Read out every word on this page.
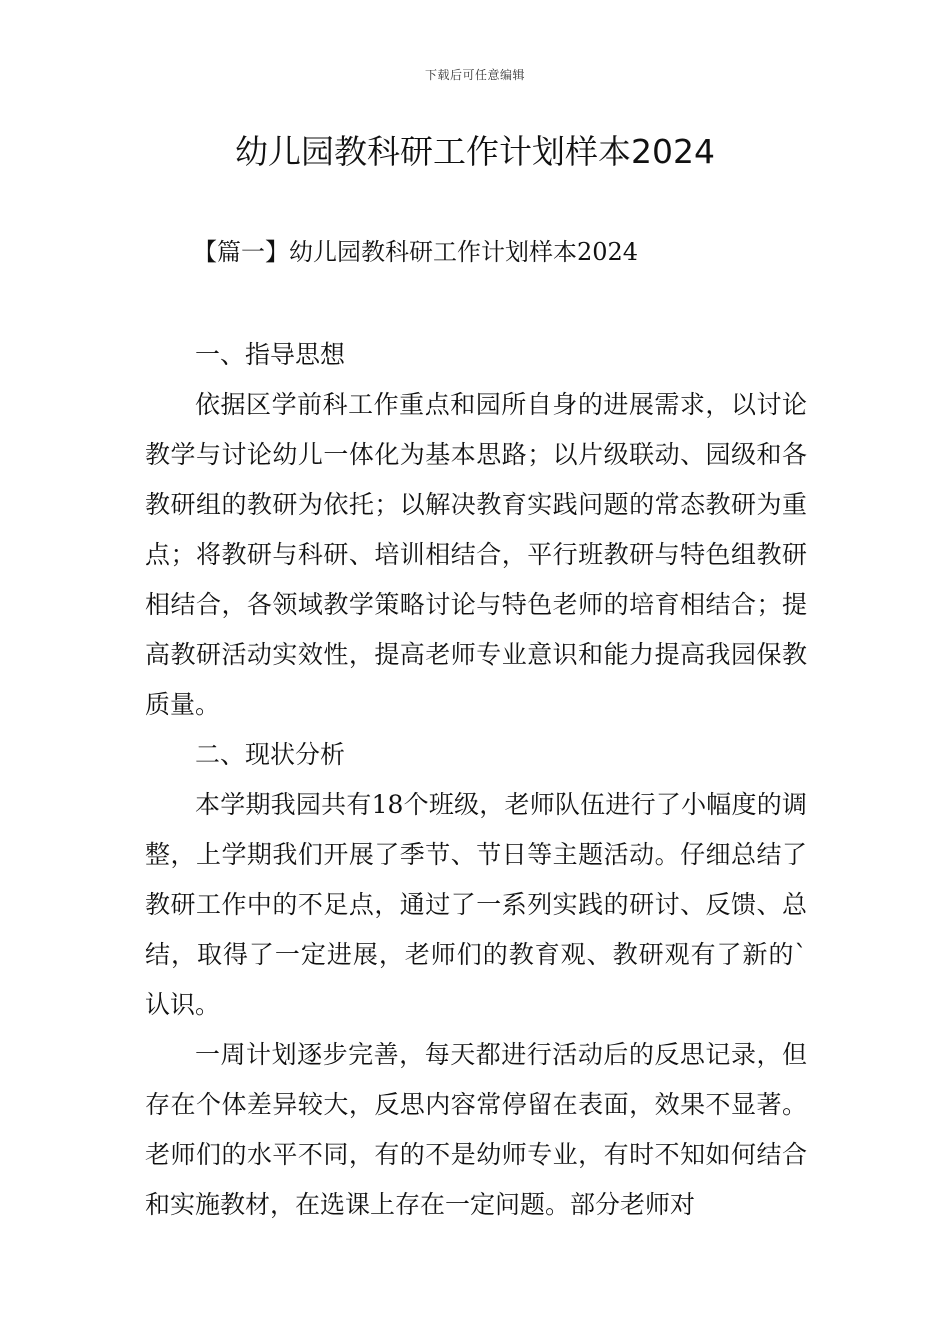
下载后可任意编辑
幼儿园教科研工作计划样本2024
【篇一】幼儿园教科研工作计划样本2024

一、指导思想

依据区学前科工作重点和园所自身的进展需求，以讨论教学与讨论幼儿一体化为基本思路；以片级联动、园级和各教研组的教研为依托；以解决教育实践问题的常态教研为重点；将教研与科研、培训相结合，平行班教研与特色组教研相结合，各领域教学策略讨论与特色老师的培育相结合；提高教研活动实效性，提高老师专业意识和能力提高我园保教质量。

二、现状分析

本学期我园共有18个班级，老师队伍进行了小幅度的调整，上学期我们开展了季节、节日等主题活动。仔细总结了教研工作中的不足点，通过了一系列实践的研讨、反馈、总结，取得了一定进展，老师们的教育观、教研观有了新的`认识。

一周计划逐步完善，每天都进行活动后的反思记录，但存在个体差异较大，反思内容常停留在表面，效果不显著。老师们的水平不同，有的不是幼师专业，有时不知如何结合和实施教材，在选课上存在一定问题。部分老师对
